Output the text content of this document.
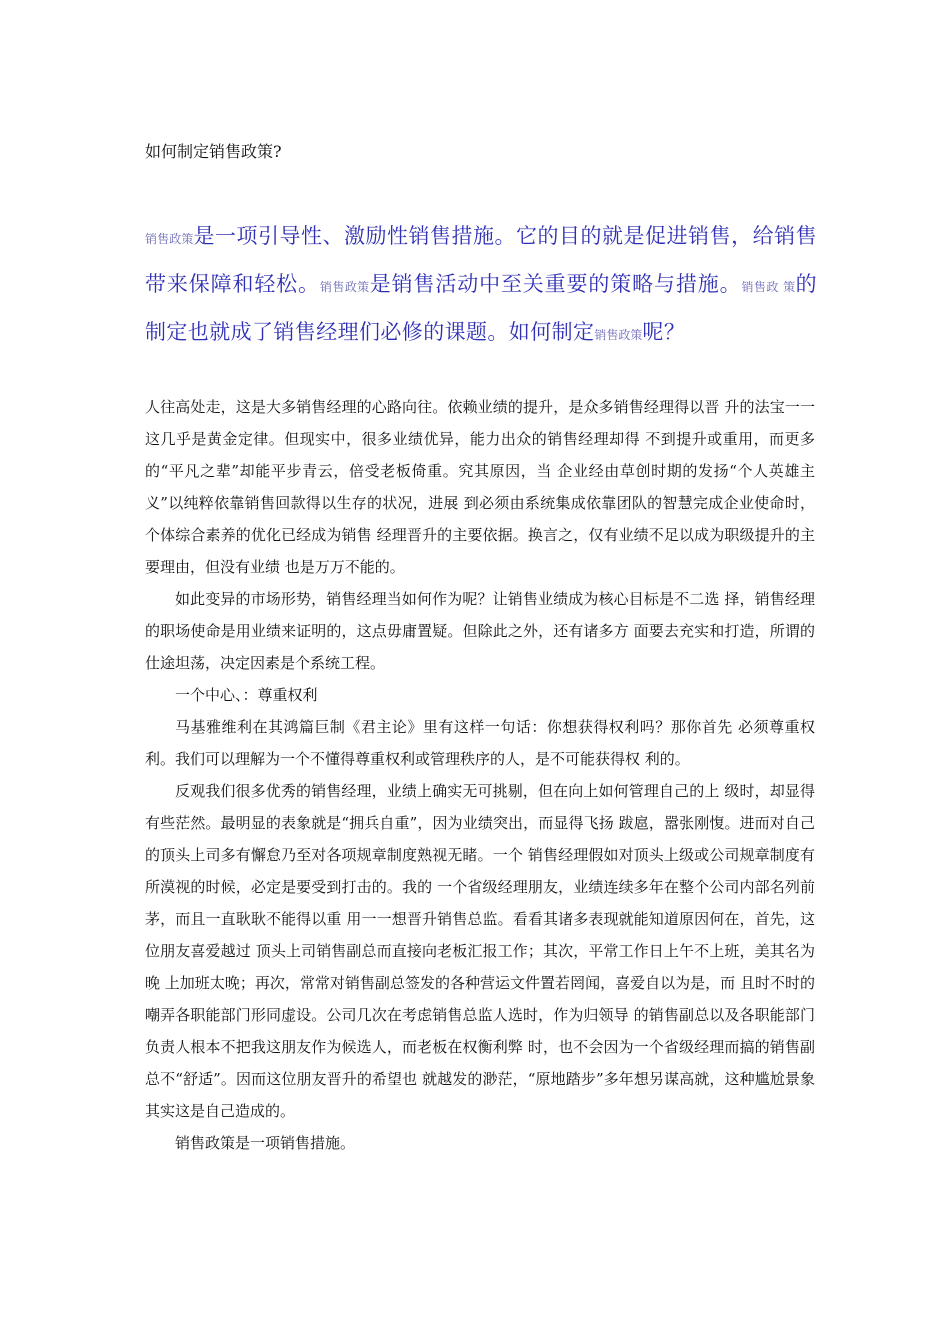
如何制定销售政策?
销售政策是一项引导性、激励性销售措施。它的目的就是促进销售，给销售带来保障和轻松。销售政策是销售活动中至关重要的策略与措施。销售政 策的制定也就成了销售经理们必修的课题。如何制定销售政策呢？

人往高处走，这是大多销售经理的心路向往。依赖业绩的提升，是众多销售经理得以晋 升的法宝一一这几乎是黄金定律。但现实中，很多业绩优异，能力出众的销售经理却得 不到提升或重用，而更多的“平凡之辈”却能平步青云，倍受老板倚重。究其原因，当 企业经由草创时期的发扬“个人英雄主义”以纯粹依靠销售回款得以生存的状况，进展 到必须由系统集成依靠团队的智慧完成企业使命时，个体综合素养的优化已经成为销售 经理晋升的主要依据。换言之，仅有业绩不足以成为职级提升的主要理由，但没有业绩 也是万万不能的。

如此变异的市场形势，销售经理当如何作为呢？让销售业绩成为核心目标是不二选 择，销售经理的职场使命是用业绩来证明的，这点毋庸置疑。但除此之外，还有诸多方 面要去充实和打造，所谓的仕途坦荡，决定因素是个系统工程。

一个中心、：尊重权利

马基雅维利在其鸿篇巨制《君主论》里有这样一句话：你想获得权利吗？那你首先 必须尊重权利。我们可以理解为一个不懂得尊重权利或管理秩序的人，是不可能获得权 利的。

反观我们很多优秀的销售经理，业绩上确实无可挑剔，但在向上如何管理自己的上 级时，却显得有些茫然。最明显的表象就是“拥兵自重”，因为业绩突出，而显得飞扬 跋扈，嚣张刚愎。进而对自己的顶头上司多有懈怠乃至对各项规章制度熟视无睹。一个 销售经理假如对顶头上级或公司规章制度有所漠视的时候，必定是要受到打击的。我的 一个省级经理朋友，业绩连续多年在整个公司内部名列前茅，而且一直耿耿不能得以重 用一一想晋升销售总监。看看其诸多表现就能知道原因何在，首先，这位朋友喜爱越过 顶头上司销售副总而直接向老板汇报工作；其次，平常工作日上午不上班，美其名为晚 上加班太晚；再次，常常对销售副总签发的各种营运文件置若罔闻，喜爱自以为是，而 且时不时的嘲弄各职能部门形同虚设。公司几次在考虑销售总监人选时，作为归领导 的销售副总以及各职能部门负责人根本不把我这朋友作为候选人，而老板在权衡利弊 时，也不会因为一个省级经理而搞的销售副总不“舒适”。因而这位朋友晋升的希望也 就越发的渺茫，“原地踏步”多年想另谋高就，这种尴尬景象其实这是自己造成的。

销售政策是一项销售措施。
